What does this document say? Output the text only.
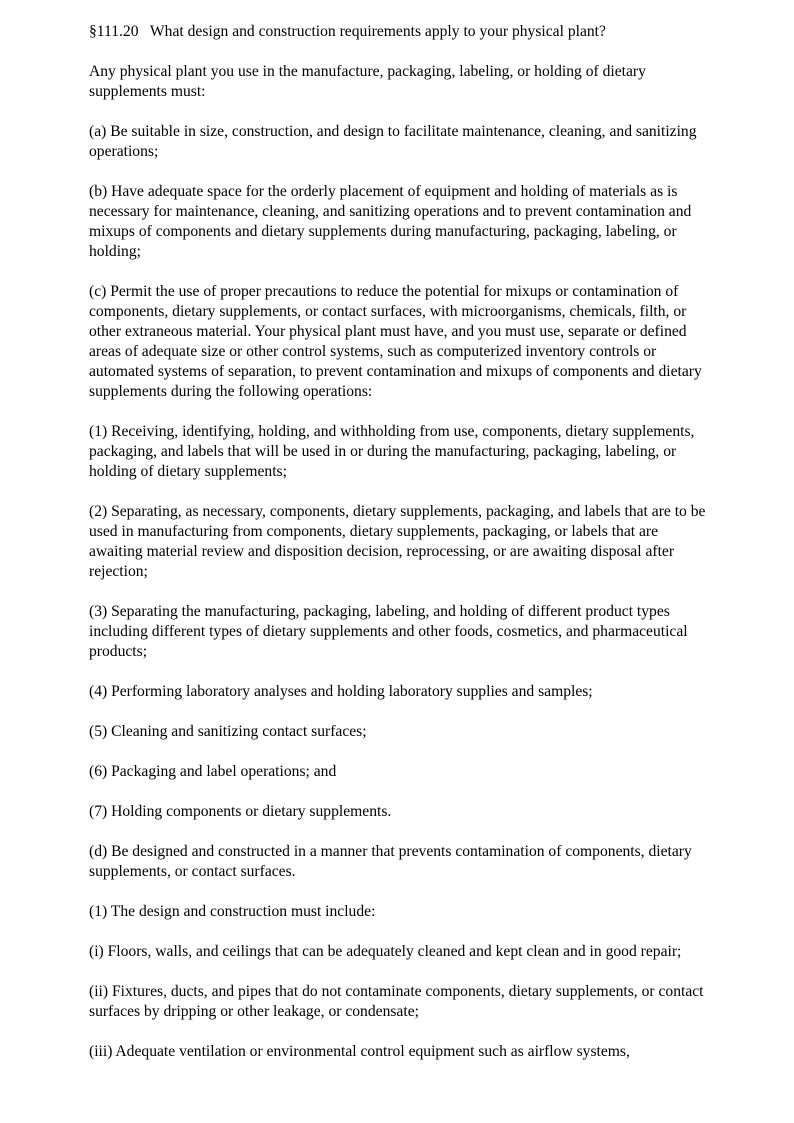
§111.20   What design and construction requirements apply to your physical plant?

Any physical plant you use in the manufacture, packaging, labeling, or holding of dietary supplements must:

(a) Be suitable in size, construction, and design to facilitate maintenance, cleaning, and sanitizing operations;

(b) Have adequate space for the orderly placement of equipment and holding of materials as is necessary for maintenance, cleaning, and sanitizing operations and to prevent contamination and mixups of components and dietary supplements during manufacturing, packaging, labeling, or holding;

(c) Permit the use of proper precautions to reduce the potential for mixups or contamination of components, dietary supplements, or contact surfaces, with microorganisms, chemicals, filth, or other extraneous material. Your physical plant must have, and you must use, separate or defined areas of adequate size or other control systems, such as computerized inventory controls or automated systems of separation, to prevent contamination and mixups of components and dietary supplements during the following operations:

(1) Receiving, identifying, holding, and withholding from use, components, dietary supplements, packaging, and labels that will be used in or during the manufacturing, packaging, labeling, or holding of dietary supplements;

(2) Separating, as necessary, components, dietary supplements, packaging, and labels that are to be used in manufacturing from components, dietary supplements, packaging, or labels that are awaiting material review and disposition decision, reprocessing, or are awaiting disposal after rejection;

(3) Separating the manufacturing, packaging, labeling, and holding of different product types including different types of dietary supplements and other foods, cosmetics, and pharmaceutical products;

(4) Performing laboratory analyses and holding laboratory supplies and samples;

(5) Cleaning and sanitizing contact surfaces;

(6) Packaging and label operations; and

(7) Holding components or dietary supplements.

(d) Be designed and constructed in a manner that prevents contamination of components, dietary supplements, or contact surfaces.

(1) The design and construction must include:

(i) Floors, walls, and ceilings that can be adequately cleaned and kept clean and in good repair;

(ii) Fixtures, ducts, and pipes that do not contaminate components, dietary supplements, or contact surfaces by dripping or other leakage, or condensate;

(iii) Adequate ventilation or environmental control equipment such as airflow systems,
